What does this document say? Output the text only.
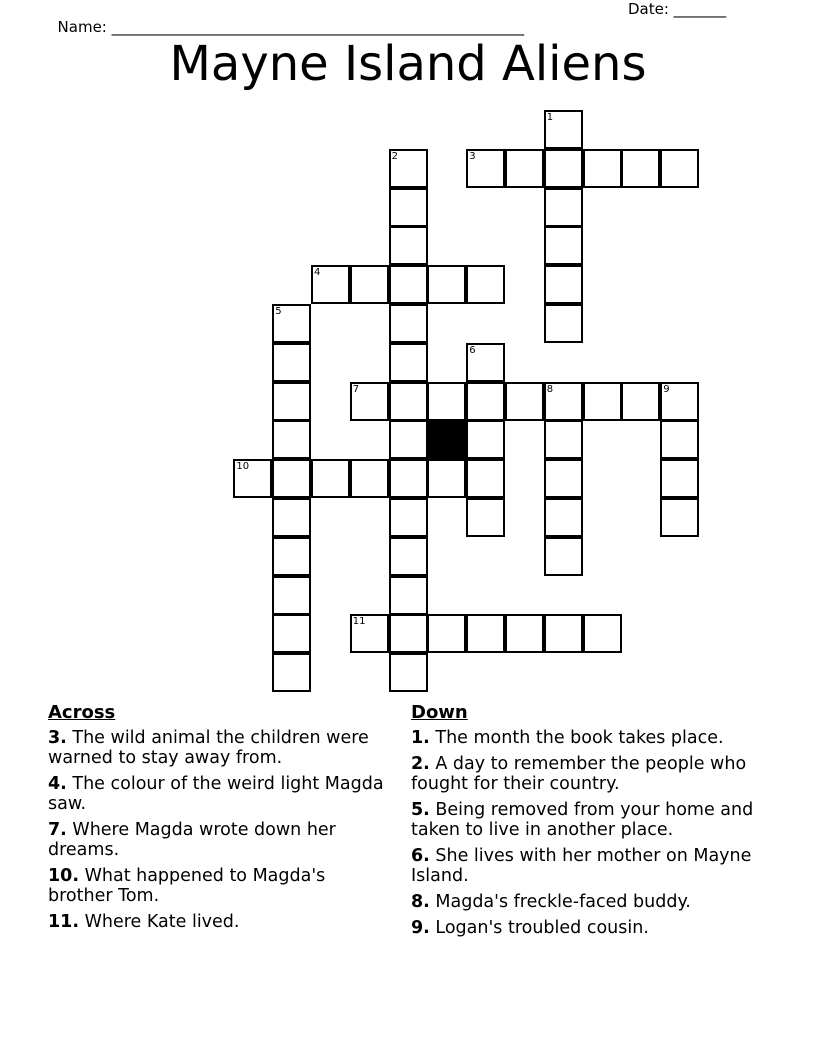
Name: _______________________________________________________

Date: _______

Mayne Island Aliens
3
4
7	8	9
10
11
1
2
5
6
Across
3. The wild animal the children were warned to stay away from.
4. The colour of the weird light Magda saw.
7. Where Magda wrote down her dreams.
10. What happened to Magda's brother Tom.
11. Where Kate lived.
Down
1. The month the book takes place.
2. A day to remember the people who fought for their country.
5. Being removed from your home and taken to live in another place.
6. She lives with her mother on Mayne Island.
8. Magda's freckle-faced buddy.
9. Logan's troubled cousin.
